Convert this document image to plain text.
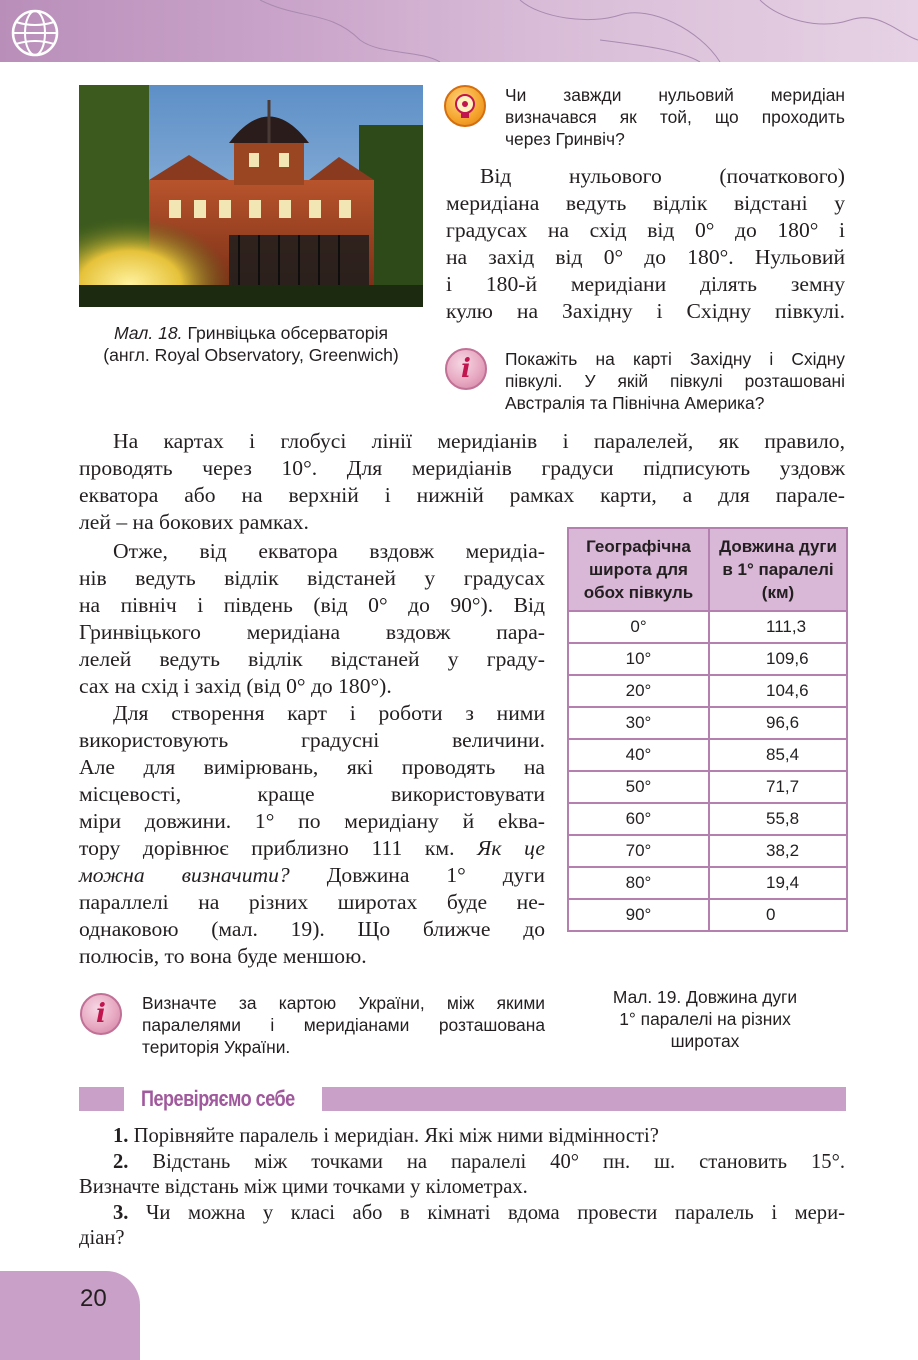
Мал. 18. Гринвіцька обсерваторія
(англ. Royal Observatory, Greenwich)
Чи завжди нульовий меридіан
визначався як той, що проходить
через Гринвіч?
Від нульового (початкового)
меридіана ведуть відлік відстані у
градусах на схід від 0° до 180° і
на захід від 0° до 180°. Нульовий
і 180-й меридіани ділять земну
кулю на Західну і Східну півкулі.
i	Покажіть на карті Західну і Східну
півкулі. У якій півкулі розташовані
Австралія та Північна Америка?
На картах і глобусі лінії меридіанів і паралелей, як правило,
проводять через 10°. Для меридіанів градуси підписують уздовж
екватора або на верхній і нижній рамках карти, а для парале-
лей – на бокових рамках.
Отже, від екватора вздовж меридіа-
нів ведуть відлік відстаней у градусах
на північ і південь (від 0° до 90°). Від
Гринвіцького меридіана вздовж пара-
лелей ведуть відлік відстаней у граду-
сах на схід і захід (від 0° до 180°).
Для створення карт і роботи з ними
використовують градусні величини.
Але для вимірювань, які проводять на
місцевості, краще використовувати
міри довжини. 1° по меридіану й ekва-
тору дорівнює приблизно 111 км. Як це
можна визначити? Довжина 1° дуги
параллелі на різних широтах буде не-
однаковою (мал. 19). Що ближче до
полюсів, то вона буде меншою.
i	Визначте за картою України, між якими
паралелями і меридіанами розташована
територія України.
Географічна широта для обох півкуль	Довжина дуги в 1° паралелі (км)
0°	111,3
10°	109,6
20°	104,6
30°	96,6
40°	85,4
50°	71,7
60°	55,8
70°	38,2
80°	19,4
90°	0
Мал. 19. Довжина дуги
1° паралелі на різних
широтах
Перевіряємо себе
1. Порівняйте паралель і меридіан. Які між ними відмінності?
2. Відстань між точками на паралелі 40° пн. ш. становить 15°.
Визначте відстань між цими точками у кілометрах.
3. Чи можна у класі або в кімнаті вдома провести паралель і мери-
діан?
20
